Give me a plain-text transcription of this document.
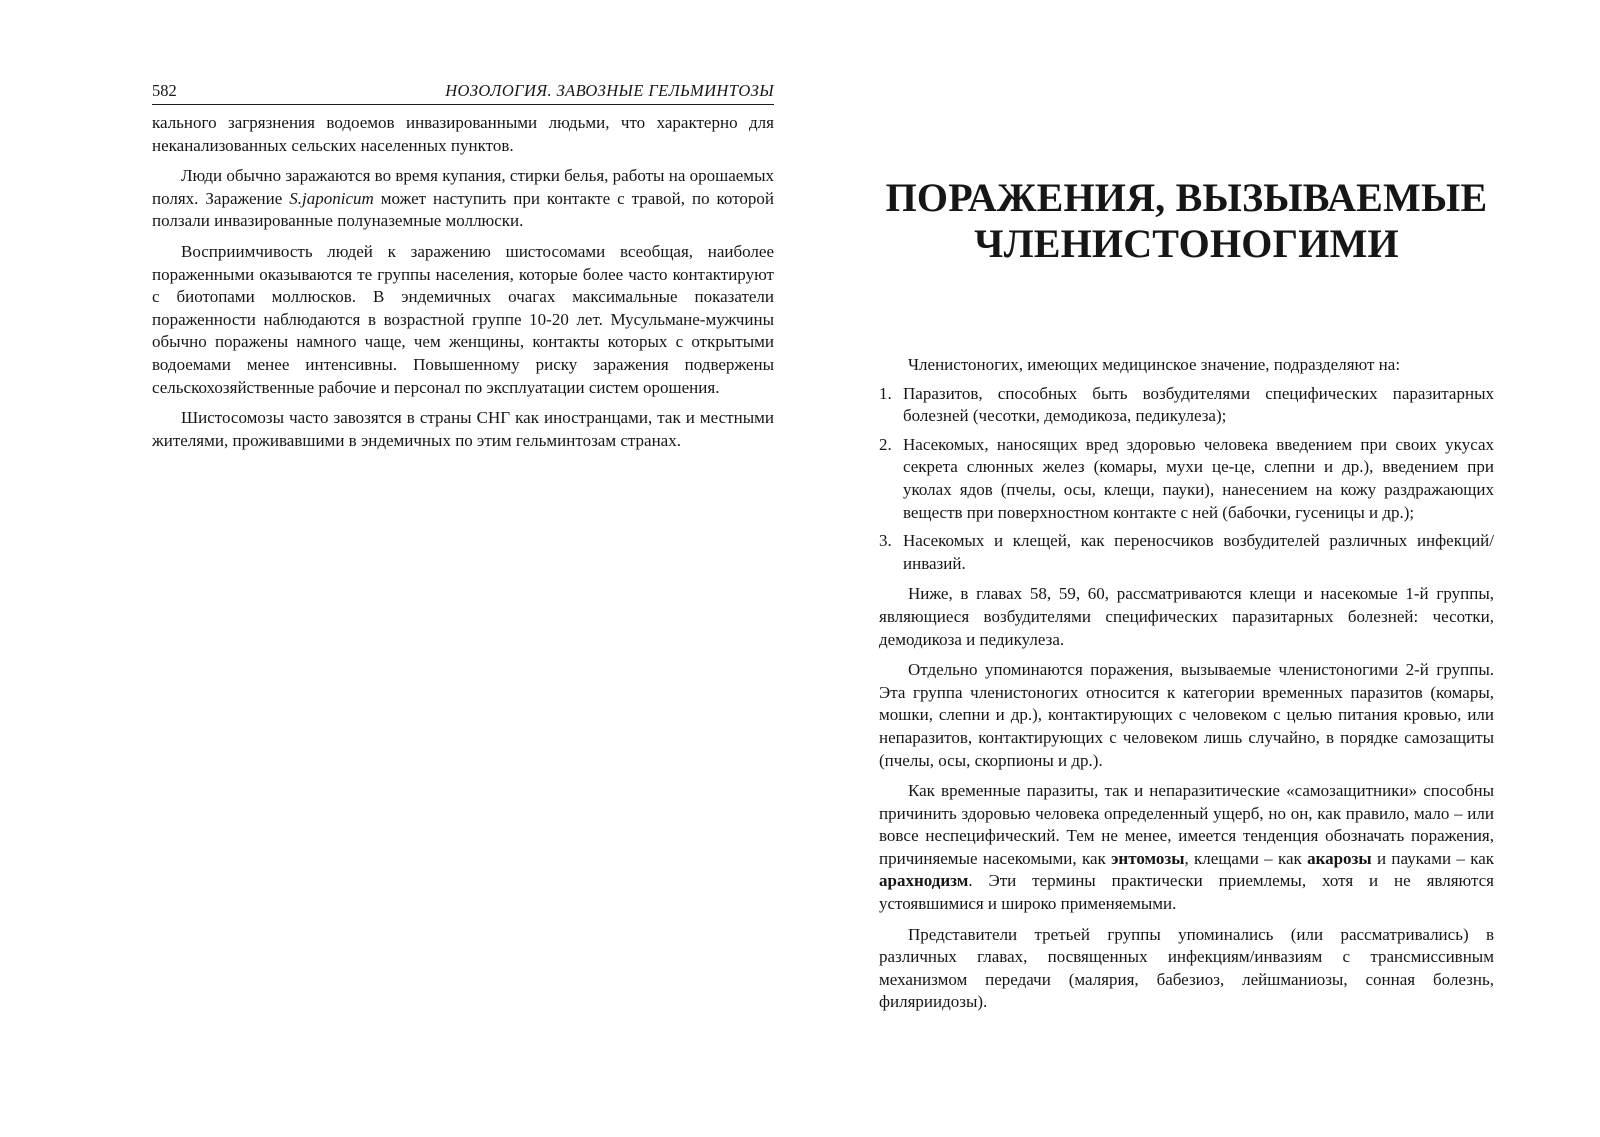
582	НОЗОЛОГИЯ. ЗАВОЗНЫЕ ГЕЛЬМИНТОЗЫ

кального загрязнения водоемов инвазированными людьми, что характерно для неканализованных сельских населенных пунктов.

Люди обычно заражаются во время купания, стирки белья, работы на орошаемых полях. Заражение S.japonicum может наступить при контакте с травой, по которой ползали инвазированные полуназемные моллюски.

Восприимчивость людей к заражению шистосомами всеобщая, наиболее пораженными оказываются те группы населения, которые более часто контактируют с биотопами моллюсков. В эндемичных очагах максимальные показатели пораженности наблюдаются в возрастной группе 10-20 лет. Мусульмане-мужчины обычно поражены намного чаще, чем женщины, контакты которых с открытыми водоемами менее интенсивны. Повышенному риску заражения подвержены сельскохозяйственные рабочие и персонал по эксплуатации систем орошения.

Шистосомозы часто завозятся в страны СНГ как иностранцами, так и местными жителями, проживавшими в эндемичных по этим гельминтозам странах.

ПОРАЖЕНИЯ, ВЫЗЫВАЕМЫЕ
ЧЛЕНИСТОНОГИМИ

Членистоногих, имеющих медицинское значение, подразделяют на:

1. Паразитов, способных быть возбудителями специфических паразитарных болезней (чесотки, демодикоза, педикулеза);
2. Насекомых, наносящих вред здоровью человека введением при своих укусах секрета слюнных желез (комары, мухи це-це, слепни и др.), введением при уколах ядов (пчелы, осы, клещи, пауки), нанесением на кожу раздражающих веществ при поверхностном контакте с ней (бабочки, гусеницы и др.);
3. Насекомых и клещей, как переносчиков возбудителей различных инфекций/инвазий.

Ниже, в главах 58, 59, 60, рассматриваются клещи и насекомые 1-й группы, являющиеся возбудителями специфических паразитарных болезней: чесотки, демодикоза и педикулеза.

Отдельно упоминаются поражения, вызываемые членистоногими 2-й группы. Эта группа членистоногих относится к категории временных паразитов (комары, мошки, слепни и др.), контактирующих с человеком с целью питания кровью, или непаразитов, контактирующих с человеком лишь случайно, в порядке самозащиты (пчелы, осы, скорпионы и др.).

Как временные паразиты, так и непаразитические «самозащитники» способны причинить здоровью человека определенный ущерб, но он, как правило, мало – или вовсе неспецифический. Тем не менее, имеется тенденция обозначать поражения, причиняемые насекомыми, как энтомозы, клещами – как акарозы и пауками – как арахнодизм. Эти термины практически приемлемы, хотя и не являются устоявшимися и широко применяемыми.

Представители третьей группы упоминались (или рассматривались) в различных главах, посвященных инфекциям/инвазиям с трансмиссивным механизмом передачи (малярия, бабезиоз, лейшманиозы, сонная болезнь, филяриидозы).
